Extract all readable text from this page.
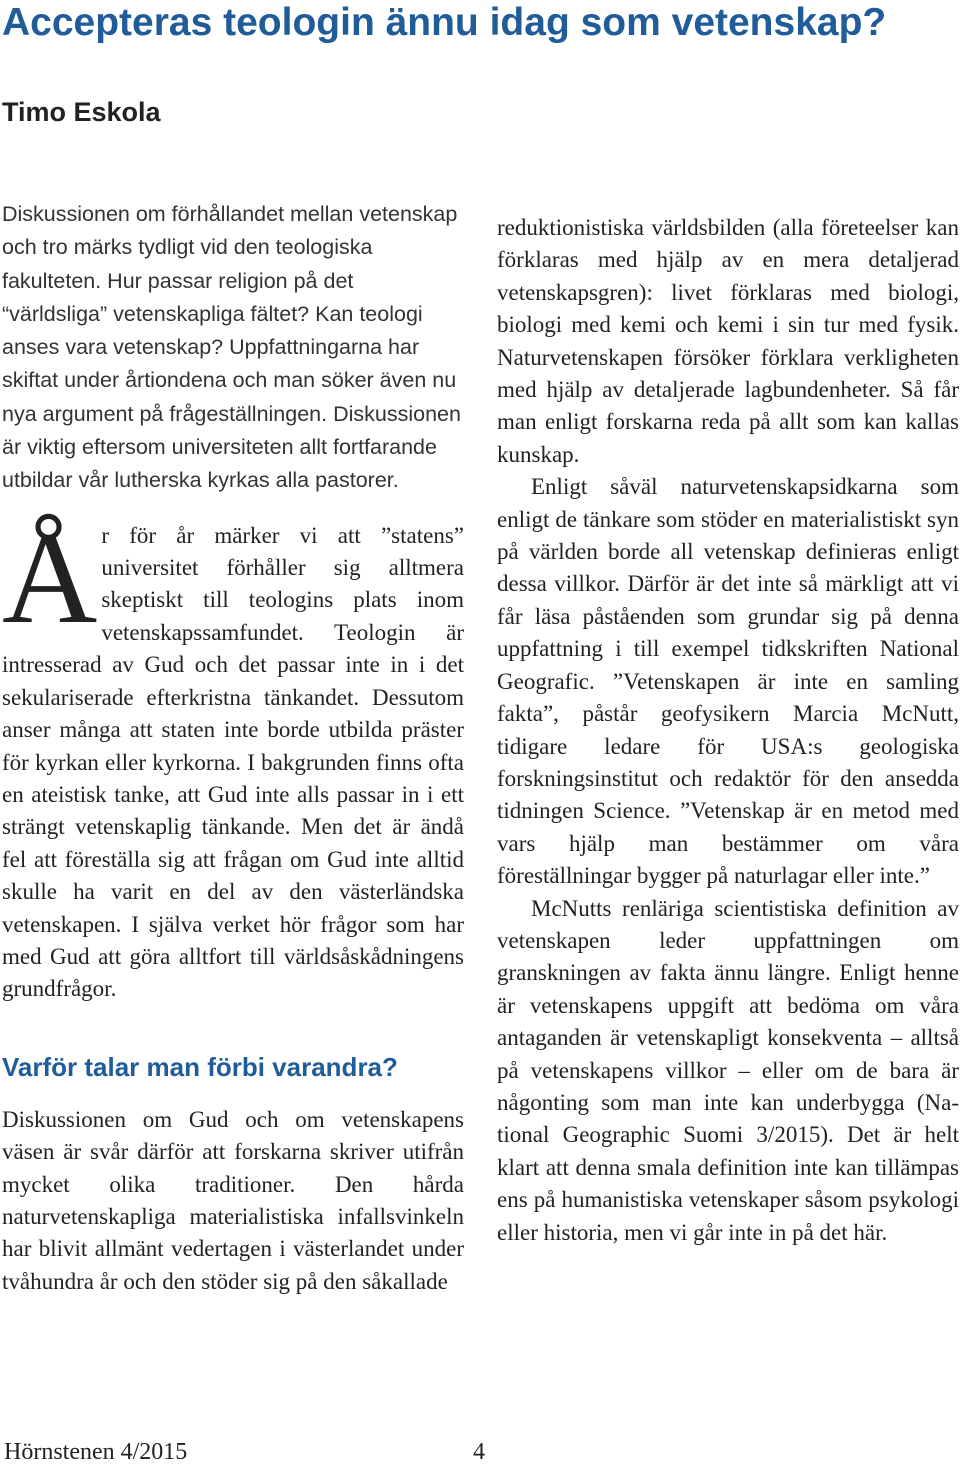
Accepteras teologin ännu idag som vetenskap?
Timo Eskola

Diskussionen om förhållandet mellan vetenskap och tro märks tydligt vid den teologiska fakulteten. Hur passar religion på det “världsliga” vetenskapliga fältet? Kan teologi anses vara vetenskap? Uppfattningarna har skiftat under årtiondena och man söker även nu nya argument på frågeställningen. Diskussionen är viktig eftersom universiteten allt fortfarande utbildar vår lutherska kyrkas alla pastorer.

År för år märker vi att ”statens” universitet förhåller sig alltmera skeptiskt till teologins plats inom vetenskapssamfundet. Teologin är intresserad av Gud och det passar inte in i det sekulariserade efterkristna tänkandet. Dessutom anser många att staten inte borde utbilda präster för kyrkan eller kyrkorna. I bakgrunden finns ofta en ateistisk tanke, att Gud inte alls passar in i ett strängt vetenskaplig tänkande. Men det är ändå fel att föreställa sig att frågan om Gud inte alltid skulle ha varit en del av den västerländska vetenskapen. I själva verket hör frågor som har med Gud att göra alltfort till världsåskådningens grundfrågor.

Varför talar man förbi varandra?

Diskussionen om Gud och om vetenskapens väsen är svår därför att forskarna skriver utifrån mycket olika traditioner. Den hårda naturvetenskapliga materialistiska infallsvinkeln har blivit allmänt vedertagen i västerlandet under tvåhundra år och den stöder sig på den såkallade

reduktionistiska världsbilden (alla företeelser kan förklaras med hjälp av en mera detaljerad vetenskapsgren): livet förklaras med biologi, biologi med kemi och kemi i sin tur med fysik. Naturvetenskapen försöker förklara verkligheten med hjälp av detaljerade lagbundenheter. Så får man enligt forskarna reda på allt som kan kallas kunskap.

Enligt såväl naturvetenskapsidkarna som enligt de tänkare som stöder en materialistiskt syn på världen borde all vetenskap definieras enligt dessa villkor. Därför är det inte så märkligt att vi får läsa påståenden som grundar sig på denna uppfattning i till exempel tidkskriften National Geografic. ”Vetenskapen är inte en samling fakta”, påstår geofysikern Marcia McNutt, tidigare ledare för USA:s geologiska forskningsinstitut och redaktör för den ansedda tidningen Science. ”Vetenskap är en metod med vars hjälp man bestämmer om våra föreställningar bygger på naturlagar eller inte.”

McNutts renläriga scientistiska definition av vetenskapen leder uppfattningen om granskningen av fakta ännu längre. Enligt henne är vetenskapens uppgift att bedöma om våra antaganden är vetenskapligt konsekventa – alltså på vetenskapens villkor – eller om de bara är någonting som man inte kan underbygga (National Geographic Suomi 3/2015). Det är helt klart att denna smala definition inte kan tillämpas ens på humanistiska vetenskaper såsom psykologi eller historia, men vi går inte in på det här.

Hörnstenen 4/2015	4
